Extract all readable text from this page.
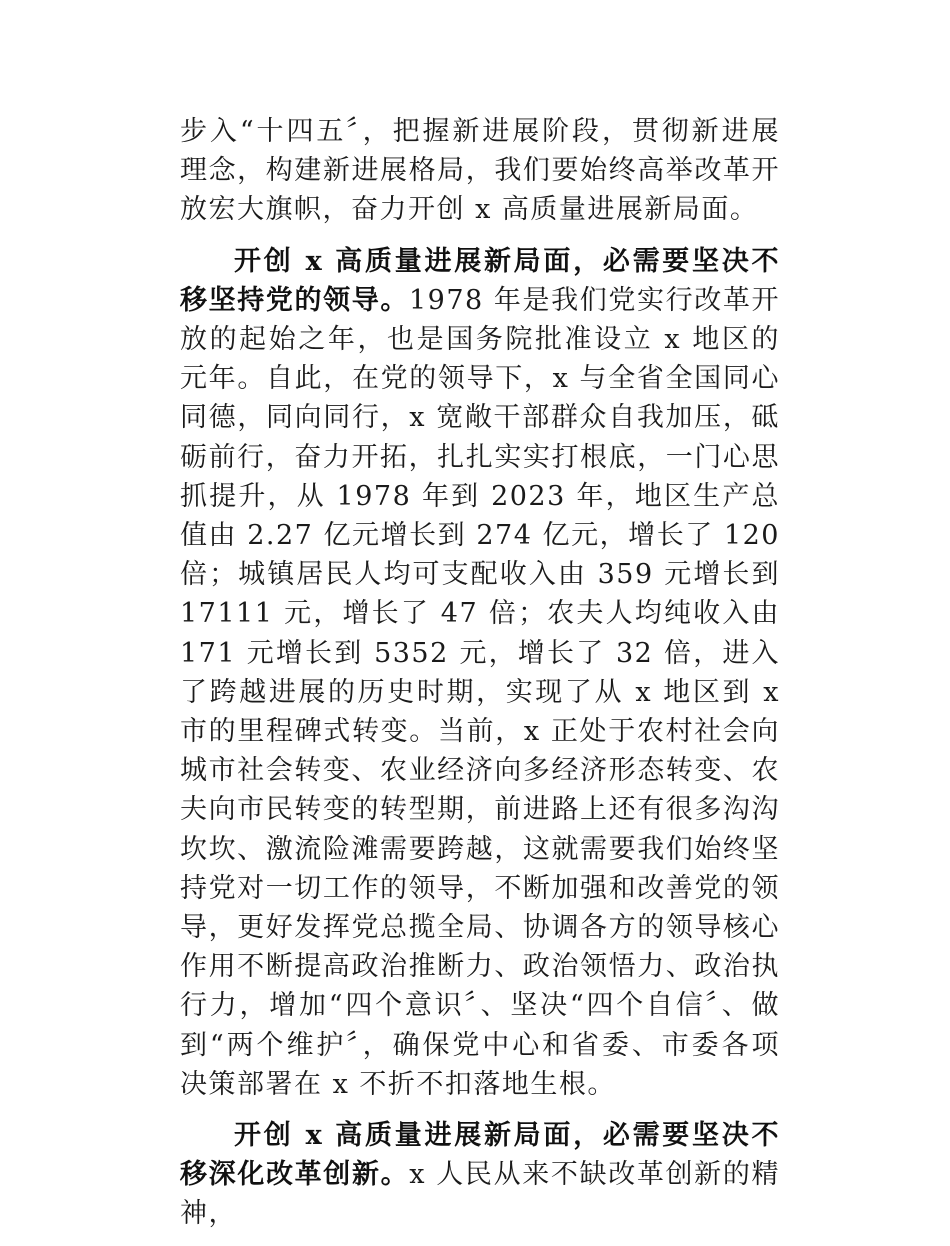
步入“十四五〞，把握新进展阶段，贯彻新进展理念，构建新进展格局，我们要始终高举改革开放宏大旗帜，奋力开创 x 高质量进展新局面。

开创 x 高质量进展新局面，必需要坚决不移坚持党的领导。1978 年是我们党实行改革开放的起始之年，也是国务院批准设立 x 地区的元年。自此，在党的领导下，x 与全省全国同心同德，同向同行，x 宽敞干部群众自我加压，砥砺前行，奋力开拓，扎扎实实打根底，一门心思抓提升，从 1978 年到 2023 年，地区生产总值由 2.27 亿元增长到 274 亿元，增长了 120 倍；城镇居民人均可支配收入由 359 元增长到 17111 元，增长了 47 倍；农夫人均纯收入由 171 元增长到 5352 元，增长了 32 倍，进入了跨越进展的历史时期，实现了从 x 地区到 x 市的里程碑式转变。当前，x 正处于农村社会向城市社会转变、农业经济向多经济形态转变、农夫向市民转变的转型期，前进路上还有很多沟沟坎坎、激流险滩需要跨越，这就需要我们始终坚持党对一切工作的领导，不断加强和改善党的领导，更好发挥党总揽全局、协调各方的领导核心作用不断提高政治推断力、政治领悟力、政治执行力，增加“四个意识〞、坚决“四个自信〞、做到“两个维护〞，确保党中心和省委、市委各项决策部署在 x 不折不扣落地生根。

开创 x 高质量进展新局面，必需要坚决不移深化改革创新。x 人民从来不缺改革创新的精神，
